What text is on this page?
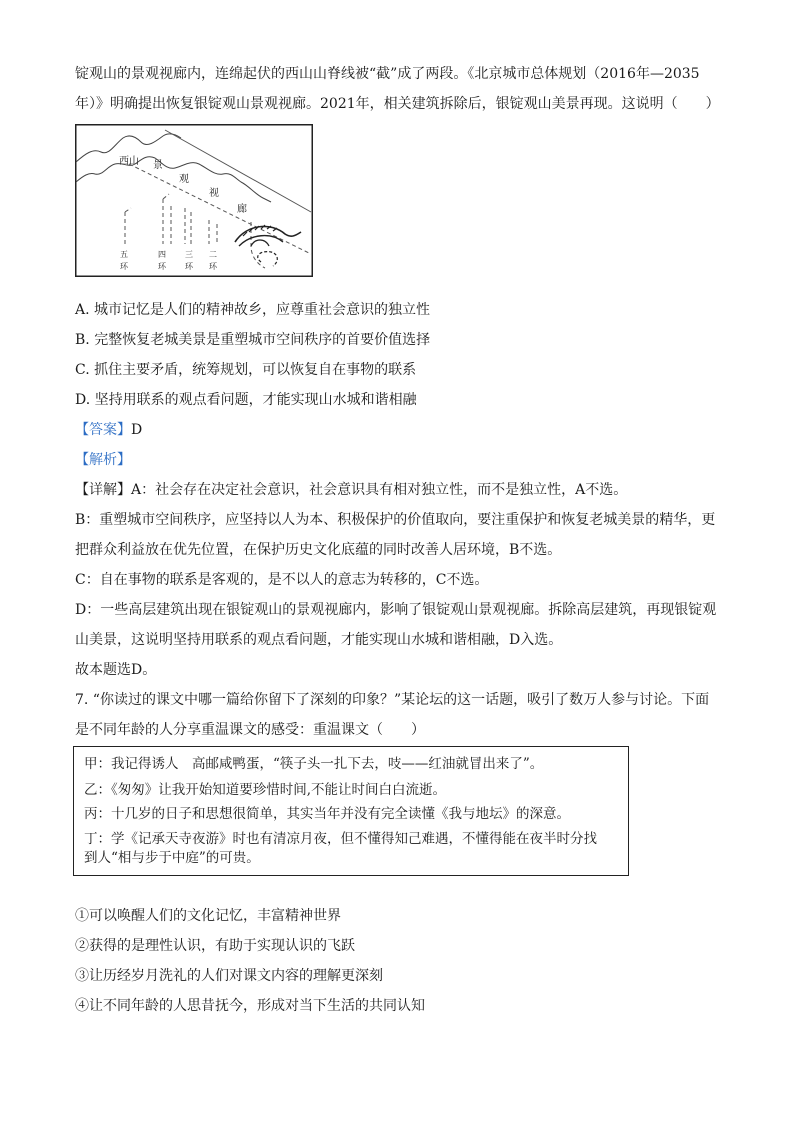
锭观山的景观视廊内，连绵起伏的西山山脊线被“截”成了两段。《北京城市总体规划（2016年—2035
年）》明确提出恢复银锭观山景观视廊。2021年，相关建筑拆除后，银锭观山美景再现。这说明（　　）
西山 景
观
视
廊
五
环
四
环
三
环
二
环
A. 城市记忆是人们的精神故乡，应尊重社会意识的独立性
B. 完整恢复老城美景是重塑城市空间秩序的首要价值选择
C. 抓住主要矛盾，统筹规划，可以恢复自在事物的联系
D. 坚持用联系的观点看问题，才能实现山水城和谐相融
【答案】D
【解析】
【详解】A：社会存在决定社会意识，社会意识具有相对独立性，而不是独立性，A不选。
B：重塑城市空间秩序，应坚持以人为本、积极保护的价值取向，要注重保护和恢复老城美景的精华，更
把群众利益放在优先位置，在保护历史文化底蕴的同时改善人居环境，B不选。
C：自在事物的联系是客观的，是不以人的意志为转移的，C不选。
D：一些高层建筑出现在银锭观山的景观视廊内，影响了银锭观山景观视廊。拆除高层建筑，再现银锭观
山美景，这说明坚持用联系的观点看问题，才能实现山水城和谐相融，D入选。
故本题选D。
7. “你读过的课文中哪一篇给你留下了深刻的印象？”某论坛的这一话题，吸引了数万人参与讨论。下面
是不同年龄的人分享重温课文的感受：重温课文（　　）
甲：我记得诱人　高邮咸鸭蛋，“筷子头一扎下去，吱——红油就冒出来了”。
乙：《匆匆》让我开始知道要珍惜时间,不能让时间白白流逝。
丙：十几岁的日子和思想很简单，其实当年并没有完全读懂《我与地坛》的深意。
丁：学《记承天寺夜游》时也有清凉月夜，但不懂得知己难遇，不懂得能在夜半时分找
到人“相与步于中庭”的可贵。
①可以唤醒人们的文化记忆，丰富精神世界
②获得的是理性认识，有助于实现认识的飞跃
③让历经岁月洗礼的人们对课文内容的理解更深刻
④让不同年龄的人思昔抚今，形成对当下生活的共同认知
